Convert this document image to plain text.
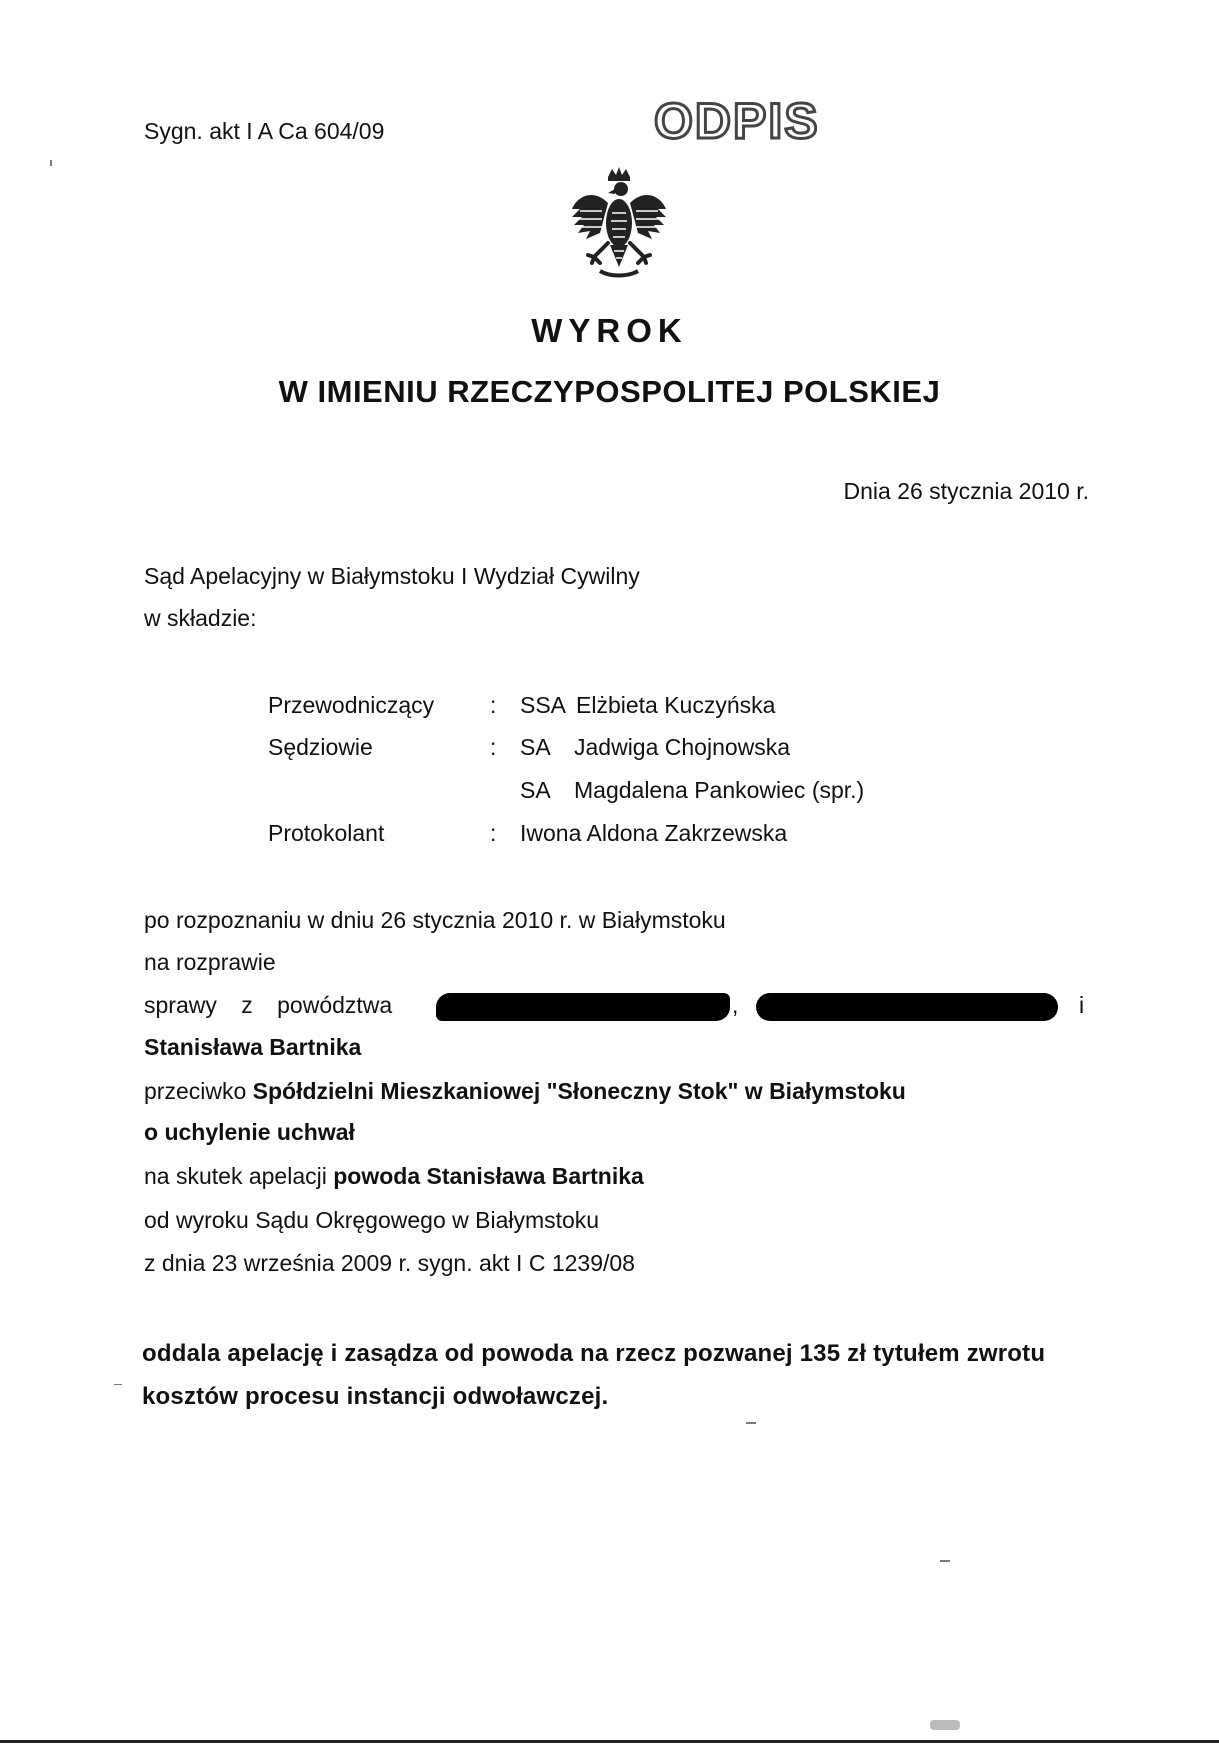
Sygn. akt I A Ca 604/09	ODPIS
WYROK
W IMIENIU RZECZYPOSPOLITEJ POLSKIEJ
Dnia 26 stycznia 2010 r.
Sąd Apelacyjny w Białymstoku I Wydział Cywilny
w składzie:
Przewodniczący : SSA Elżbieta Kuczyńska
Sędziowie	: SA Jadwiga Chojnowska
SA Magdalena Pankowiec (spr.)
Protokolant	: Iwona Aldona Zakrzewska
po rozpoznaniu w dniu 26 stycznia 2010 r. w Białymstoku
na rozprawie
sprawy z powództwa	,	i
Stanisława Bartnika
przeciwko Spółdzielni Mieszkaniowej "Słoneczny Stok" w Białymstoku
o uchylenie uchwał
na skutek apelacji powoda Stanisława Bartnika
od wyroku Sądu Okręgowego w Białymstoku
z dnia 23 września 2009 r. sygn. akt I C 1239/08
oddala apelację i zasądza od powoda na rzecz pozwanej 135 zł tytułem zwrotu
kosztów procesu instancji odwoławczej.
